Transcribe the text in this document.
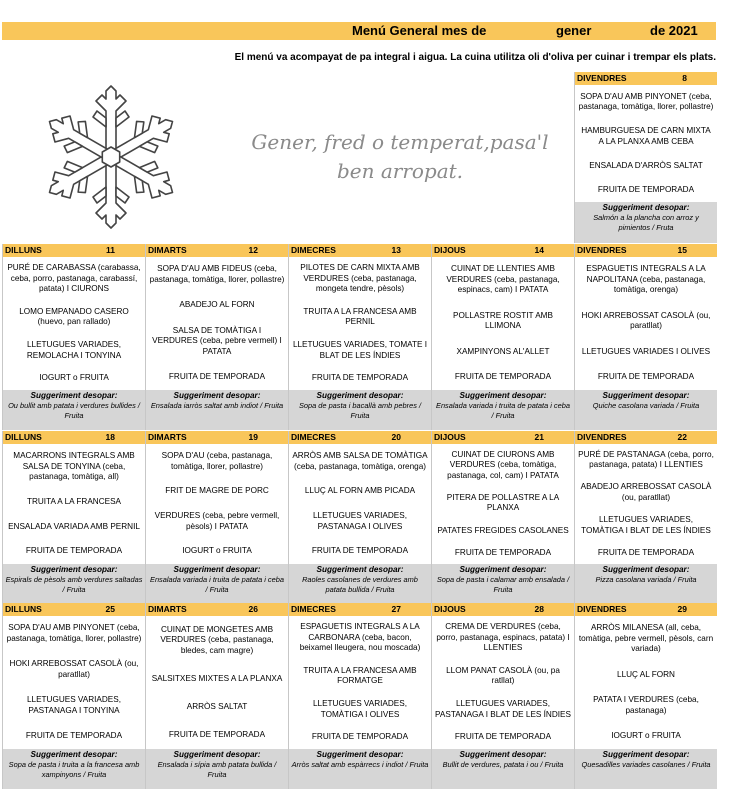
Menú General mes de	gener	de 2021
El menú va acompayat de pa integral i aigua. La cuina utilitza oli d'oliva per cuinar i trempar els plats.
Gener, fred o temperat,pasa'l
ben arropat.
DIVENDRES	8
SOPA D'AU AMB PINYONET (ceba, pastanaga, tomàtiga, llorer, pollastre)
HAMBURGUESA DE CARN MIXTA A LA PLANXA AMB CEBA
ENSALADA D'ARRÒS SALTAT
FRUITA DE TEMPORADA
Suggeriment desopar:
Salmón a la plancha con arroz y pimientos / Fruta
DILLUNS	11
PURÉ DE CARABASSA (carabassa, ceba, porro, pastanaga, carabassí, patata) I CIURONS
LOMO EMPANADO CASERO (huevo, pan rallado)
LLETUGUES VARIADES, REMOLACHA I TONYINA
IOGURT o FRUITA
Suggeriment desopar:
Ou bullit amb patata i verdures bullides / Fruita
DIMARTS	12
SOPA D'AU AMB FIDEUS (ceba, pastanaga, tomàtiga, llorer, pollastre)
ABADEJO AL FORN
SALSA DE TOMÀTIGA I VERDURES (ceba, pebre vermell) I PATATA
FRUITA DE TEMPORADA
Suggeriment desopar:
Ensalada iarròs saltat amb indiot / Fruita
DIMECRES	13
PILOTES DE CARN MIXTA AMB VERDURES (ceba, pastanaga, mongeta tendre, pèsols)
TRUITA A LA FRANCESA AMB PERNIL
LLETUGUES VARIADES, TOMATE I BLAT DE LES ÍNDIES
FRUITA DE TEMPORADA
Suggeriment desopar:
Sopa de pasta i bacallà amb pebres / Fruita
DIJOUS	14
CUINAT DE LLENTIES AMB VERDURES (ceba, pastanaga, espinacs, cam) I PATATA
POLLASTRE ROSTIT AMB LLIMONA
XAMPINYONS AL'ALLET
FRUITA DE TEMPORADA
Suggeriment desopar:
Ensalada variada i truita de patata i ceba / Fruita
DIVENDRES	15
ESPAGUETIS INTEGRALS A LA NAPOLITANA (ceba, pastanaga, tomàtiga, orenga)
HOKI ARREBOSSAT CASOLÀ (ou, paratllat)
LLETUGUES VARIADES I OLIVES
FRUITA DE TEMPORADA
Suggeriment desopar:
Quiche casolana variada / Fruita
DILLUNS	18
MACARRONS INTEGRALS AMB SALSA DE TONYINA (ceba, pastanaga, tomàtiga, all)
TRUITA A LA FRANCESA
ENSALADA VARIADA AMB PERNIL
FRUITA DE TEMPORADA
Suggeriment desopar:
Espirals de pèsols amb verdures saltadas / Fruita
DIMARTS	19
SOPA D'AU (ceba, pastanaga, tomàtiga, llorer, pollastre)
FRIT DE MAGRE DE PORC
VERDURES (ceba, pebre vermell, pèsols) I PATATA
IOGURT o FRUITA
Suggeriment desopar:
Ensalada variada i truita de patata i ceba / Fruita
DIMECRES	20
ARRÒS AMB SALSA DE TOMÀTIGA (ceba, pastanaga, tomàtiga, orenga)
LLUÇ AL FORN AMB PICADA
LLETUGUES VARIADES, PASTANAGA I OLIVES
FRUITA DE TEMPORADA
Suggeriment desopar:
Raoles casolanes de verdures amb patata bullida / Fruita
DIJOUS	21
CUINAT DE CIURONS AMB VERDURES (ceba, tomàtiga, pastanaga, col, cam) I PATATA
PITERA DE POLLASTRE A LA PLANXA
PATATES FREGIDES CASOLANES
FRUITA DE TEMPORADA
Suggeriment desopar:
Sopa de pasta i calamar amb ensalada / Fruita
DIVENDRES	22
PURÉ DE PASTANAGA (ceba, porro, pastanaga, patata) I LLENTIES
ABADEJO ARREBOSSAT CASOLÀ (ou, paratllat)
LLETUGUES VARIADES, TOMÀTIGA I BLAT DE LES ÍNDIES
FRUITA DE TEMPORADA
Suggeriment desopar:
Pizza casolana variada / Fruita
DILLUNS	25
SOPA D'AU AMB PINYONET (ceba, pastanaga, tomàtiga, llorer, pollastre)
HOKI ARREBOSSAT CASOLÀ (ou, paratllat)
LLETUGUES VARIADES, PASTANAGA I TONYINA
FRUITA DE TEMPORADA
Suggeriment desopar:
Sopa de pasta i truita a la francesa amb xampinyons / Fruita
DIMARTS	26
CUINAT DE MONGETES AMB VERDURES (ceba, pastanaga, bledes, cam magre)
SALSITXES MIXTES A LA PLANXA
ARRÒS SALTAT
FRUITA DE TEMPORADA
Suggeriment desopar:
Ensalada i sípia amb patata bullida / Fruita
DIMECRES	27
ESPAGUETIS INTEGRALS A LA CARBONARA (ceba, bacon, beixamel lleugera, nou moscada)
TRUITA A LA FRANCESA AMB FORMATGE
LLETUGUES VARIADES, TOMÀTIGA I OLIVES
FRUITA DE TEMPORADA
Suggeriment desopar:
Arròs saltat amb espàrrecs i indiot / Fruita
DIJOUS	28
CREMA DE VERDURES (ceba, porro, pastanaga, espinacs, patata) I LLENTIES
LLOM PANAT CASOLÀ (ou, pa ratllat)
LLETUGUES VARIADES, PASTANAGA I BLAT DE LES ÍNDIES
FRUITA DE TEMPORADA
Suggeriment desopar:
Bullit de verdures, patata i ou / Fruita
DIVENDRES	29
ARRÒS MILANESA (all, ceba, tomàtiga, pebre vermell, pèsols, carn variada)
LLUÇ AL FORN
PATATA I VERDURES (ceba, pastanaga)
IOGURT o FRUITA
Suggeriment desopar:
Quesadilles variades casolanes / Fruita
